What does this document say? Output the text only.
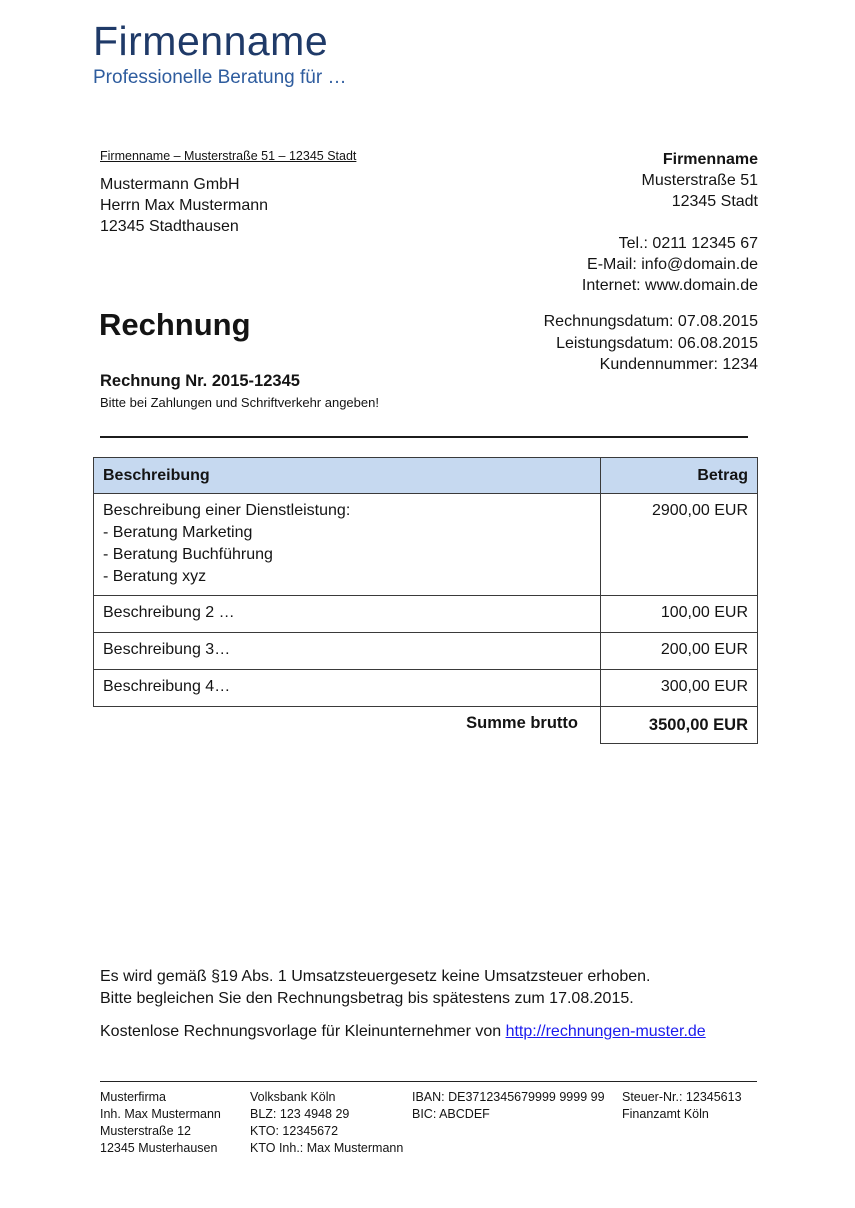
Firmenname
Professionelle Beratung für …
Firmenname – Musterstraße 51 – 12345 Stadt
Mustermann GmbH
Herrn Max Mustermann
12345 Stadthausen
Firmenname
Musterstraße 51
12345 Stadt
Tel.: 0211 12345 67
E-Mail: info@domain.de
Internet: www.domain.de
Rechnung	Rechnungsdatum: 07.08.2015
Leistungsdatum: 06.08.2015
Kundennummer: 1234
Rechnung Nr. 2015-12345
Bitte bei Zahlungen und Schriftverkehr angeben!
Beschreibung	Betrag

Beschreibung einer Dienstleistung:
- Beratung Marketing
- Beratung Buchführung
- Beratung xyz	2900,00 EUR
Beschreibung 2 …	100,00 EUR
Beschreibung 3…	200,00 EUR
Beschreibung 4…	300,00 EUR
Summe brutto	3500,00 EUR
Es wird gemäß §19 Abs. 1 Umsatzsteuergesetz keine Umsatzsteuer erhoben.
Bitte begleichen Sie den Rechnungsbetrag bis spätestens zum 17.08.2015.
Kostenlose Rechnungsvorlage für Kleinunternehmer von http://rechnungen-muster.de
Musterfirma
Inh. Max Mustermann
Musterstraße 12
12345 Musterhausen
Volksbank Köln
BLZ: 123 4948 29
KTO: 12345672
KTO Inh.: Max Mustermann
IBAN: DE3712345679999 9999 99
BIC: ABCDEF
Steuer-Nr.: 12345613
Finanzamt Köln
